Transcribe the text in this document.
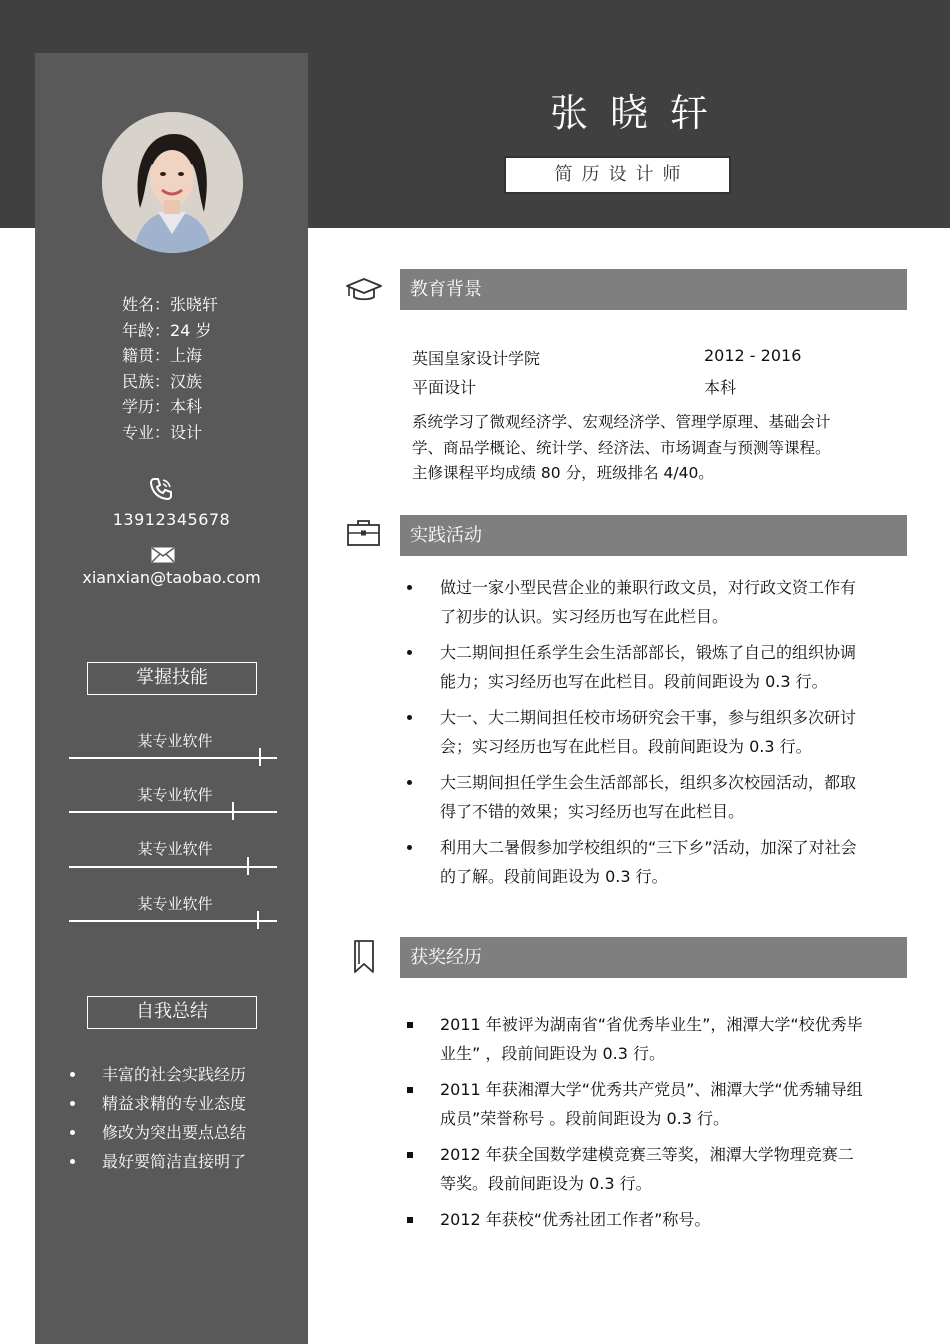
张晓轩
简历设计师
姓名：张晓轩
年龄：24 岁
籍贯：上海
民族：汉族
学历：本科
专业：设计
13912345678
xianxian@taobao.com
掌握技能
某专业软件
某专业软件
某专业软件
某专业软件
自我总结
丰富的社会实践经历
精益求精的专业态度
修改为突出要点总结
最好要简洁直接明了
教育背景
英国皇家设计学院	2012 - 2016
平面设计	本科
系统学习了微观经济学、宏观经济学、管理学原理、基础会计
学、商品学概论、统计学、经济法、市场调查与预测等课程。
主修课程平均成绩 80 分，班级排名 4/40。
实践活动
做过一家小型民营企业的兼职行政文员，对行政文资工作有
了初步的认识。实习经历也写在此栏目。
大二期间担任系学生会生活部部长，锻炼了自己的组织协调
能力；实习经历也写在此栏目。段前间距设为 0.3 行。
大一、大二期间担任校市场研究会干事，参与组织多次研讨
会；实习经历也写在此栏目。段前间距设为 0.3 行。
大三期间担任学生会生活部部长，组织多次校园活动，都取
得了不错的效果；实习经历也写在此栏目。
利用大二暑假参加学校组织的“三下乡”活动，加深了对社会
的了解。段前间距设为 0.3 行。
获奖经历
2011 年被评为湖南省“省优秀毕业生”，湘潭大学“校优秀毕
业生” ，段前间距设为 0.3 行。
2011 年获湘潭大学“优秀共产党员”、湘潭大学“优秀辅导组
成员”荣誉称号 。段前间距设为 0.3 行。
2012 年获全国数学建模竞赛三等奖，湘潭大学物理竞赛二
等奖。段前间距设为 0.3 行。
2012 年获校“优秀社团工作者”称号。
